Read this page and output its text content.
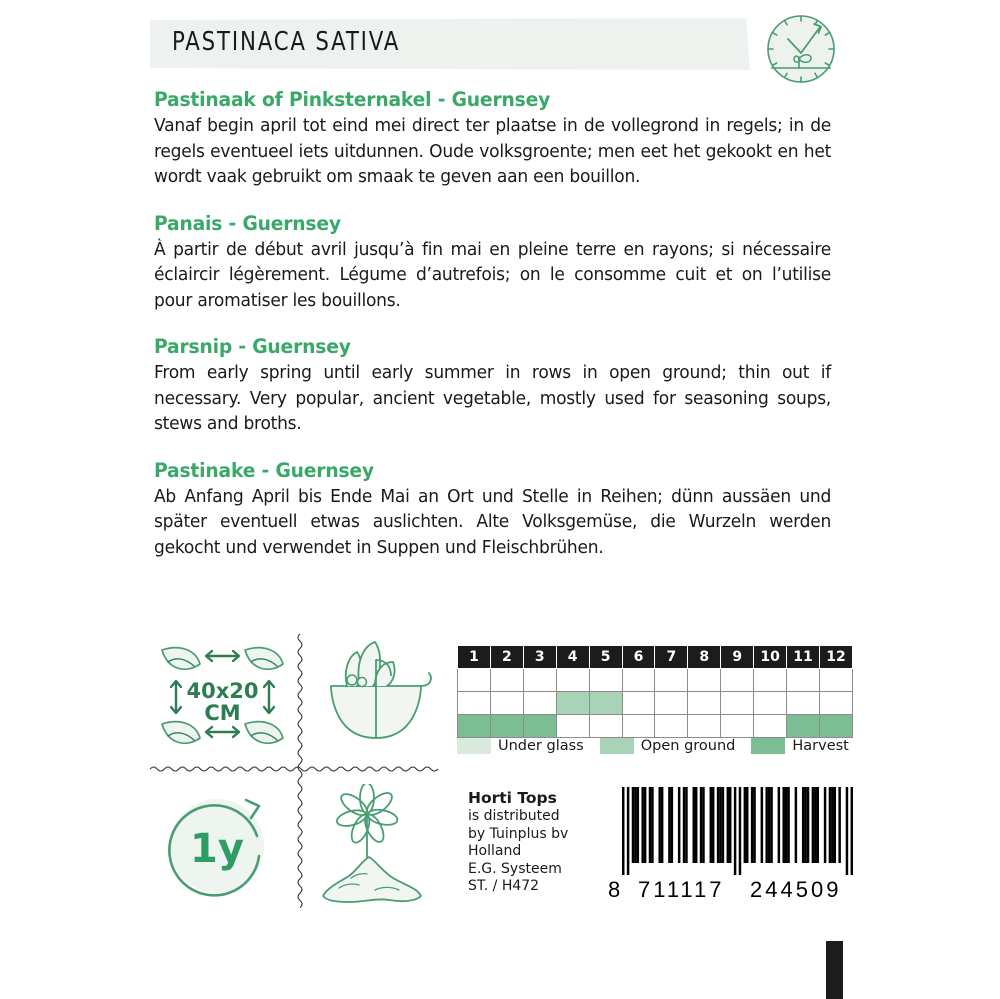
PASTINACA SATIVA

Pastinaak of Pinksternakel - Guernsey

Vanaf begin april tot eind mei direct ter plaatse in de vollegrond in regels; in de regels eventueel iets uitdunnen. Oude volksgroente; men eet het gekookt en het wordt vaak gebruikt om smaak te geven aan een bouillon.

Panais - Guernsey

À partir de début avril jusqu’à fin mai en pleine terre en rayons; si nécessaire éclaircir légèrement. Légume d’autrefois; on le consomme cuit et on l’utilise pour aromatiser les bouillons.

Parsnip - Guernsey

From early spring until early summer in rows in open ground; thin out if necessary. Very popular, ancient vegetable, mostly used for seasoning soups, stews and broths.

Pastinake - Guernsey

Ab Anfang April bis Ende Mai an Ort und Stelle in Reihen; dünn aussäen und später eventuell etwas auslichten. Alte Volksgemüse, die Wurzeln werden gekocht und verwendet in Suppen und Fleischbrühen.

40x20
CM
1y
1	2	3	4	5	6	7	8	9	10	11	12

Under glass	Open ground	Harvest
Horti Tops
is distributed
by Tuinplus bv
Holland
E.G. Systeem
ST. / H472	8 711117	244509
